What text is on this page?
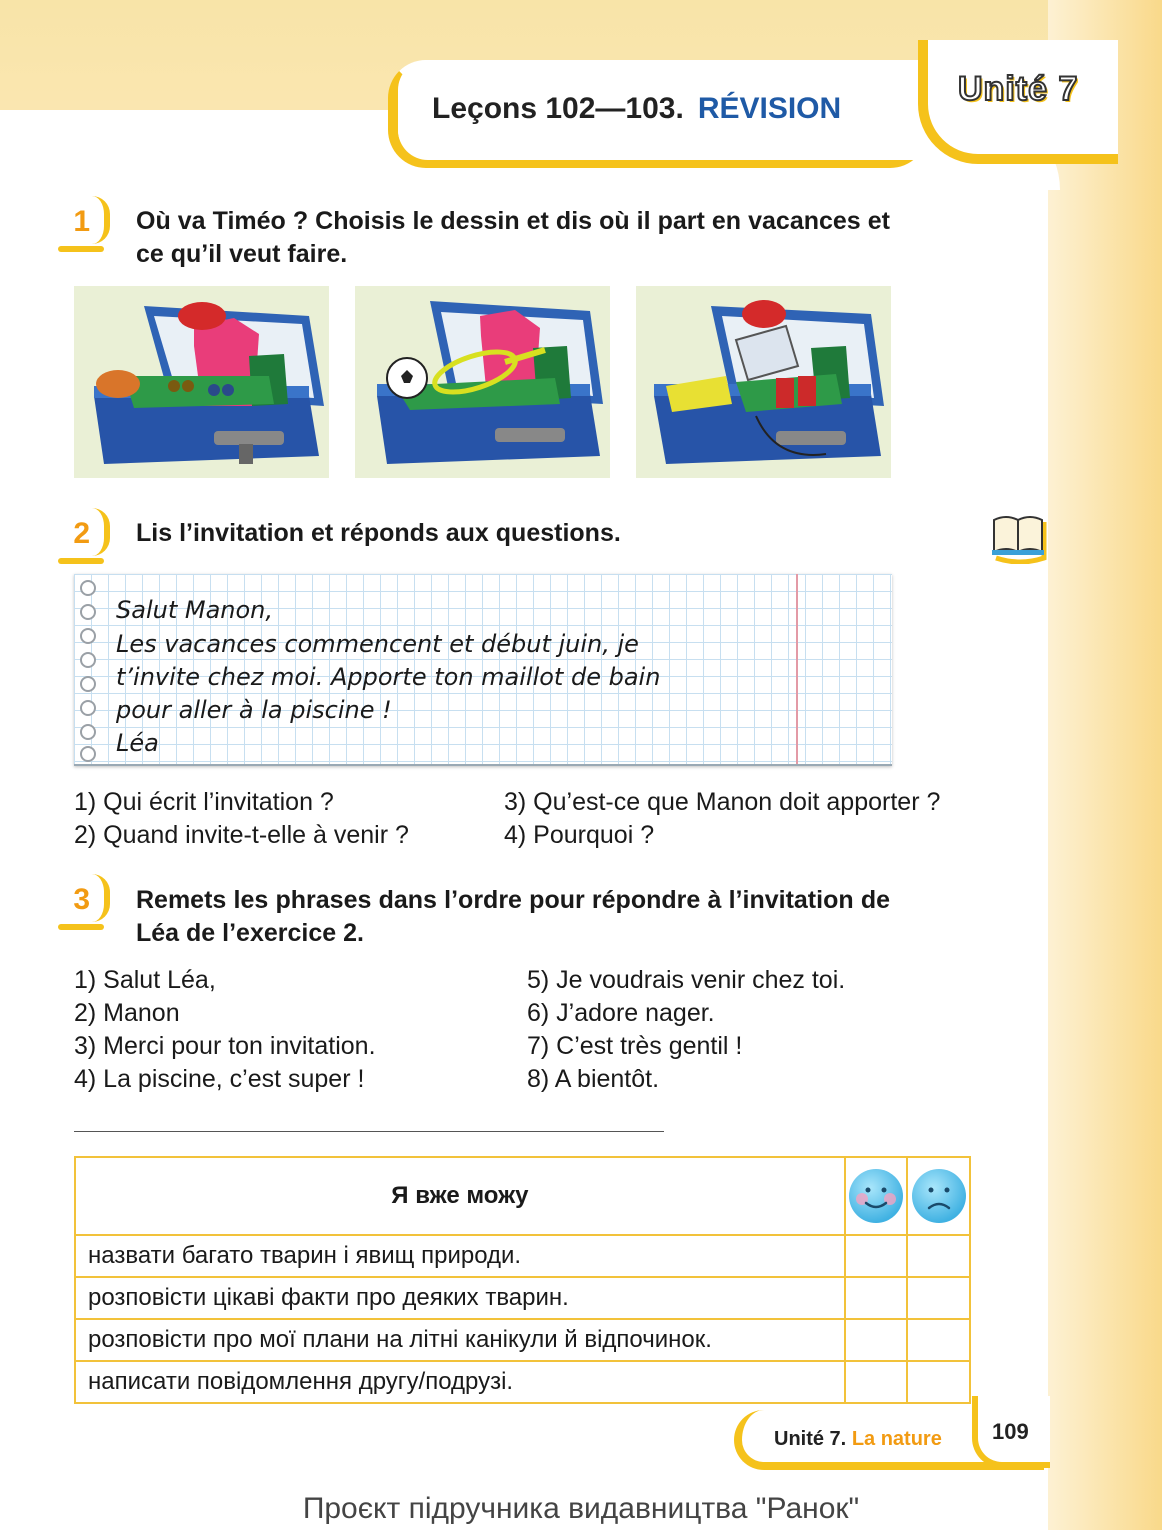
Leçons 102—103. RÉVISION
Unité 7
1	Où va Timéo ? Choisis le dessin et dis où il part en vacances et ce qu’il veut faire.
2	Lis l’invitation et réponds aux questions.
Salut Manon,
Les vacances commencent et début juin, je
t’invite chez moi. Apporte ton maillot de bain
pour aller à la piscine !
Léa
1) Qui écrit l’invitation ?
2) Quand invite-t-elle à venir ?
3) Qu’est-ce que Manon doit apporter ?
4) Pourquoi ?
3	Remets les phrases dans l’ordre pour répondre à l’invitation de Léa de l’exercice 2.
1) Salut Léa,
2) Manon
3) Merci pour ton invitation.
4) La piscine, c’est super !
5) Je voudrais venir chez toi.
6) J’adore nager.
7) C’est très gentil !
8) A bientôt.
Я вже можу		
назвати багато тварин і явищ природи.		
розповісти цікаві факти про деяких тварин.		
розповісти про мої плани на літні канікули й відпочинок.		
написати повідомлення другу/подрузі.		
Unité 7. La nature 109
Проєкт підручника видавництва "Ранок"
